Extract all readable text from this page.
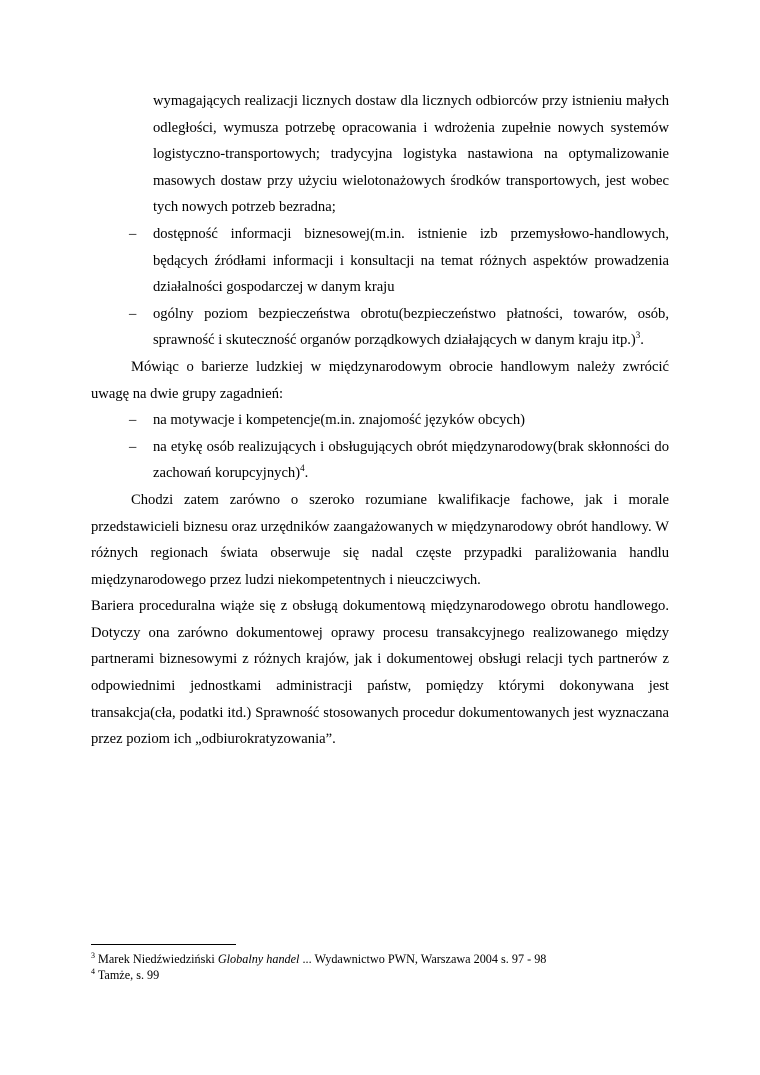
wymagających realizacji licznych dostaw dla licznych odbiorców przy istnieniu małych odległości, wymusza potrzebę opracowania i wdrożenia zupełnie nowych systemów logistyczno-transportowych; tradycyjna logistyka nastawiona na optymalizowanie masowych dostaw przy użyciu wielotonażowych środków transportowych, jest wobec tych nowych potrzeb bezradna;
– dostępność informacji biznesowej(m.in. istnienie izb przemysłowo-handlowych, będących źródłami informacji i konsultacji na temat różnych aspektów prowadzenia działalności gospodarczej w danym kraju
– ogólny poziom bezpieczeństwa obrotu(bezpieczeństwo płatności, towarów, osób, sprawność i skuteczność organów porządkowych działających w danym kraju itp.)$^3$.
Mówiąc o barierze ludzkiej w międzynarodowym obrocie handlowym należy zwrócić uwagę na dwie grupy zagadnień:
– na motywacje i kompetencje(m.in. znajomość języków obcych)
– na etykę osób realizujących i obsługujących obrót międzynarodowy(brak skłonności do zachowań korupcyjnych)$^4$.
Chodzi zatem zarówno o szeroko rozumiane kwalifikacje fachowe, jak i morale przedstawicieli biznesu oraz urzędników zaangażowanych w międzynarodowy obrót handlowy. W różnych regionach świata obserwuje się nadal częste przypadki paraliżowania handlu międzynarodowego przez ludzi niekompetentnych i nieuczciwych.
Bariera proceduralna wiąże się z obsługą dokumentową międzynarodowego obrotu handlowego. Dotyczy ona zarówno dokumentowej oprawy procesu transakcyjnego realizowanego między partnerami biznesowymi z różnych krajów, jak i dokumentowej obsługi relacji tych partnerów z odpowiednimi jednostkami administracji państw, pomiędzy którymi dokonywana jest transakcja(cła, podatki itd.) Sprawność stosowanych procedur dokumentowanych jest wyznaczana przez poziom ich „odbiurokratyzowania”.
$^3$ Marek Niedźwiedziński Globalny handel ... Wydawnictwo PWN, Warszawa 2004 s. 97 - 98
$^4$ Tamże, s. 99
